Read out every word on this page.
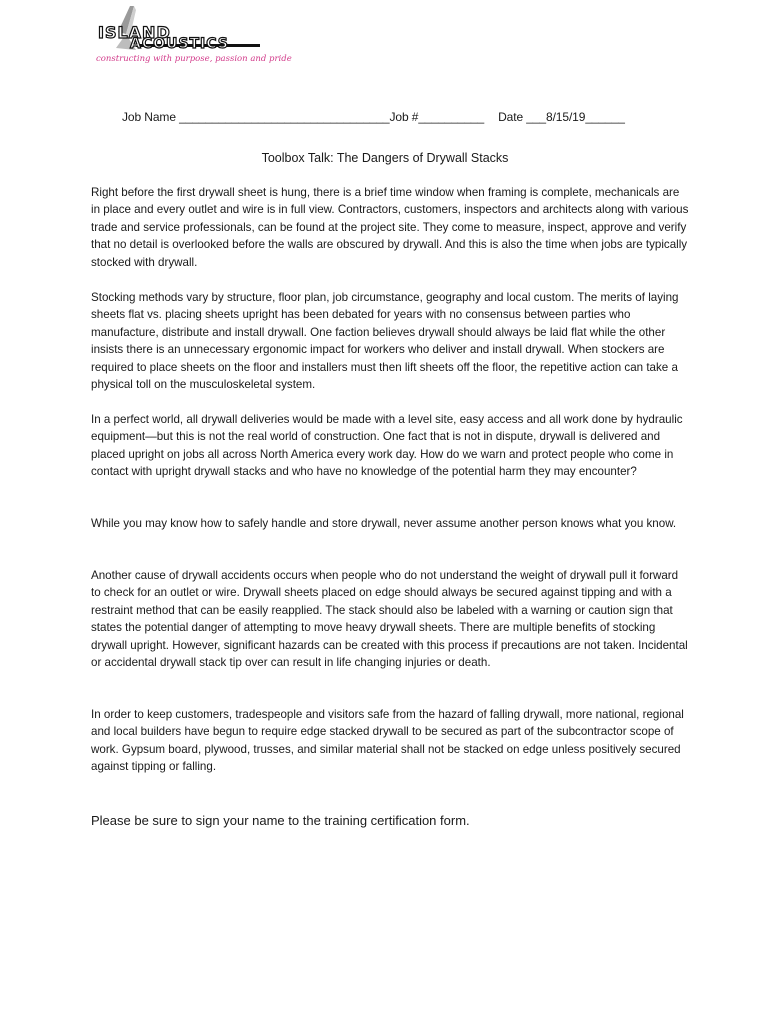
ISLAND
ACOUSTICS
constructing with purpose, passion and pride
Job Name ________________________________Job #__________ Date ___8/15/19______
Toolbox Talk: The Dangers of Drywall Stacks

Right before the first drywall sheet is hung, there is a brief time window when framing is complete, mechanicals are in place and every outlet and wire is in full view. Contractors, customers, inspectors and architects along with various trade and service professionals, can be found at the project site. They come to measure, inspect, approve and verify that no detail is overlooked before the walls are obscured by drywall. And this is also the time when jobs are typically stocked with drywall.

Stocking methods vary by structure, floor plan, job circumstance, geography and local custom. The merits of laying sheets flat vs. placing sheets upright has been debated for years with no consensus between parties who manufacture, distribute and install drywall. One faction believes drywall should always be laid flat while the other insists there is an unnecessary ergonomic impact for workers who deliver and install drywall. When stockers are required to place sheets on the floor and installers must then lift sheets off the floor, the repetitive action can take a physical toll on the musculoskeletal system.

In a perfect world, all drywall deliveries would be made with a level site, easy access and all work done by hydraulic equipment—but this is not the real world of construction. One fact that is not in dispute, drywall is delivered and placed upright on jobs all across North America every work day. How do we warn and protect people who come in contact with upright drywall stacks and who have no knowledge of the potential harm they may encounter?

While you may know how to safely handle and store drywall, never assume another person knows what you know.

Another cause of drywall accidents occurs when people who do not understand the weight of drywall pull it forward to check for an outlet or wire. Drywall sheets placed on edge should always be secured against tipping and with a restraint method that can be easily reapplied. The stack should also be labeled with a warning or caution sign that states the potential danger of attempting to move heavy drywall sheets. There are multiple benefits of stocking drywall upright. However, significant hazards can be created with this process if precautions are not taken. Incidental or accidental drywall stack tip over can result in life changing injuries or death.

In order to keep customers, tradespeople and visitors safe from the hazard of falling drywall, more national, regional and local builders have begun to require edge stacked drywall to be secured as part of the subcontractor scope of work. Gypsum board, plywood, trusses, and similar material shall not be stacked on edge unless positively secured against tipping or falling.

Please be sure to sign your name to the training certification form.
